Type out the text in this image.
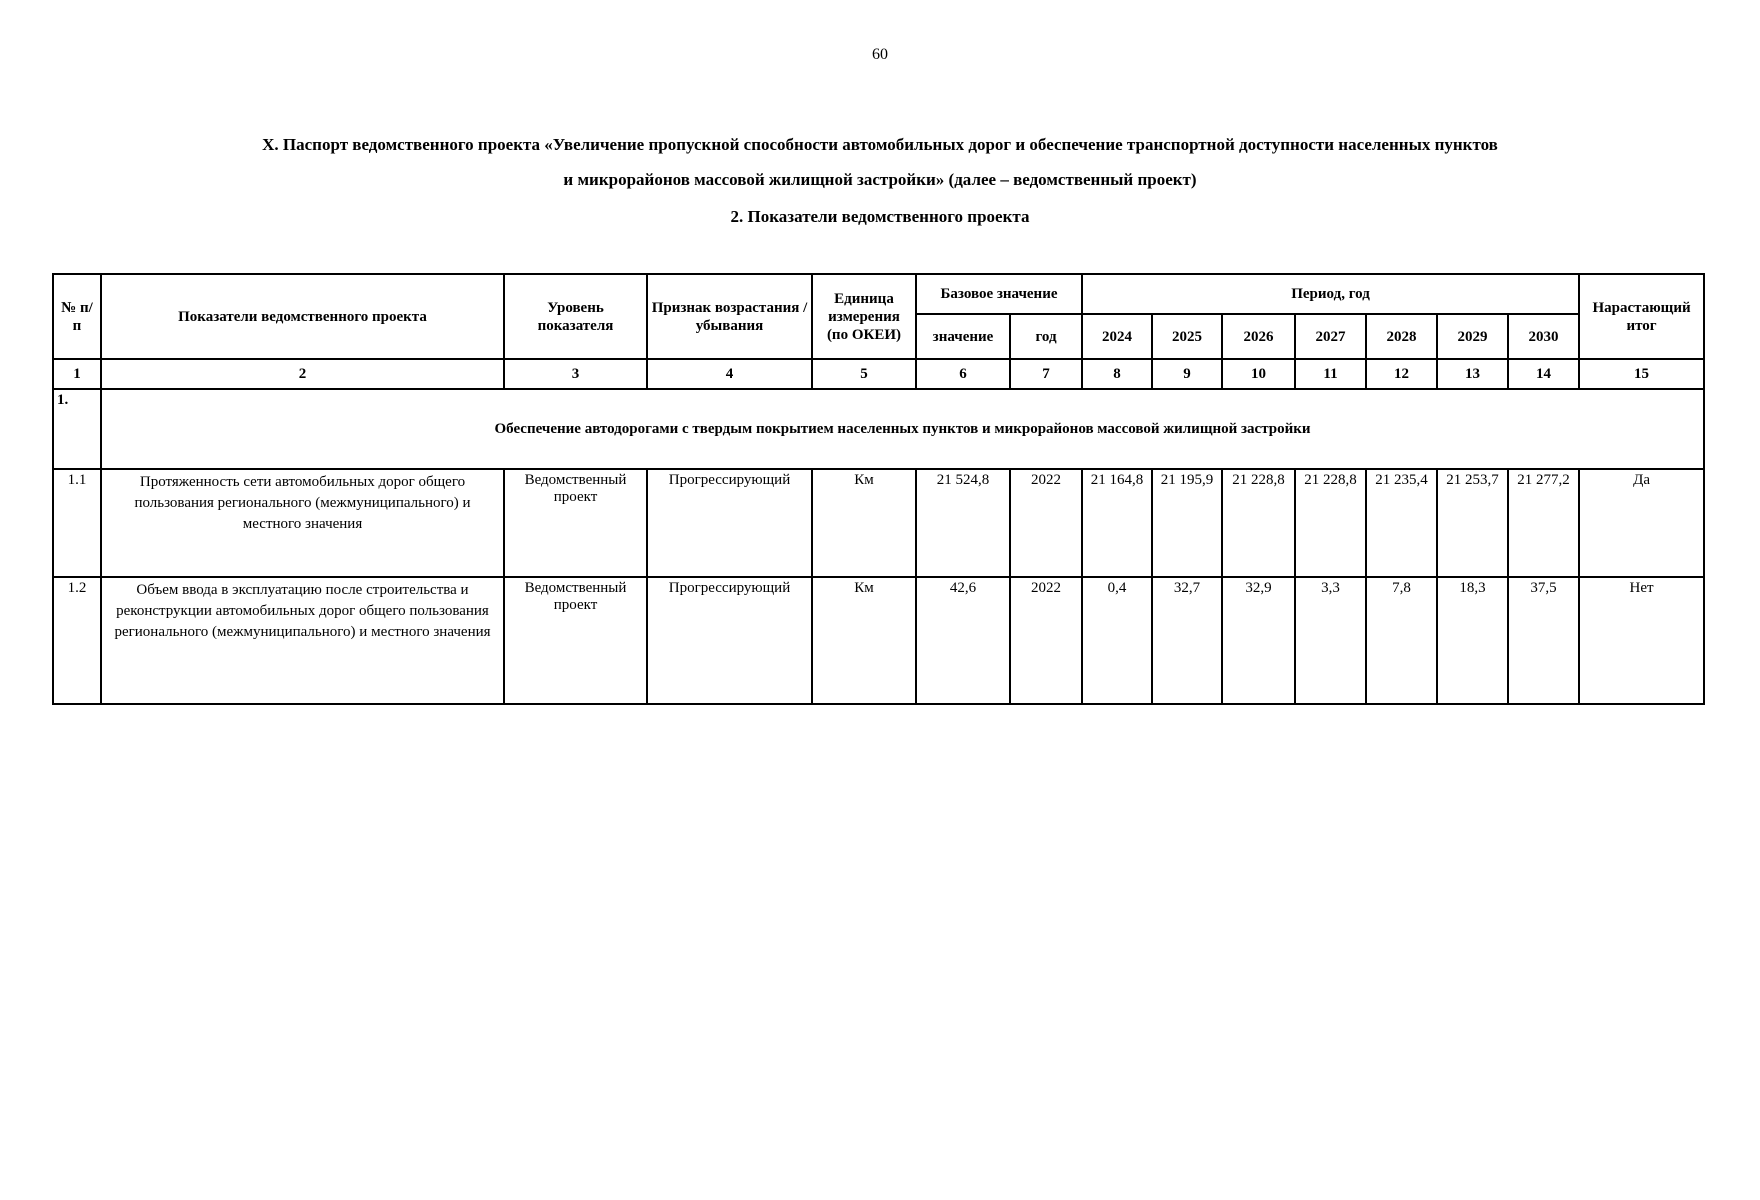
60
X. Паспорт ведомственного проекта «Увеличение пропускной способности автомобильных дорог и обеспечение транспортной доступности населенных пунктов
и микрорайонов массовой жилищной застройки» (далее – ведомственный проект)
2. Показатели ведомственного проекта
№ п/п	Показатели ведомственного проекта	Уровень показателя	Признак возрастания / убывания	Единица измерения (по ОКЕИ)	Базовое значение		Период, год							Нарастающий итог
					значение	год	2024	2025	2026	2027	2028	2029	2030	
1	2	3	4	5	6	7	8	9	10	11	12	13	14	15
1.	Обеспечение автодорогами с твердым покрытием населенных пунктов и микрорайонов массовой жилищной застройки													
1.1	Протяженность сети автомобильных дорог общего пользования регионального (межмуниципального) и местного значения	Ведомственный проект	Прогрессирующий	Км	21 524,8	2022	21 164,8	21 195,9	21 228,8	21 228,8	21 235,4	21 253,7	21 277,2	Да
1.2	Объем ввода в эксплуатацию после строительства и реконструкции автомобильных дорог общего пользования регионального (межмуниципального) и местного значения	Ведомственный проект	Прогрессирующий	Км	42,6	2022	0,4	32,7	32,9	3,3	7,8	18,3	37,5	Нет
